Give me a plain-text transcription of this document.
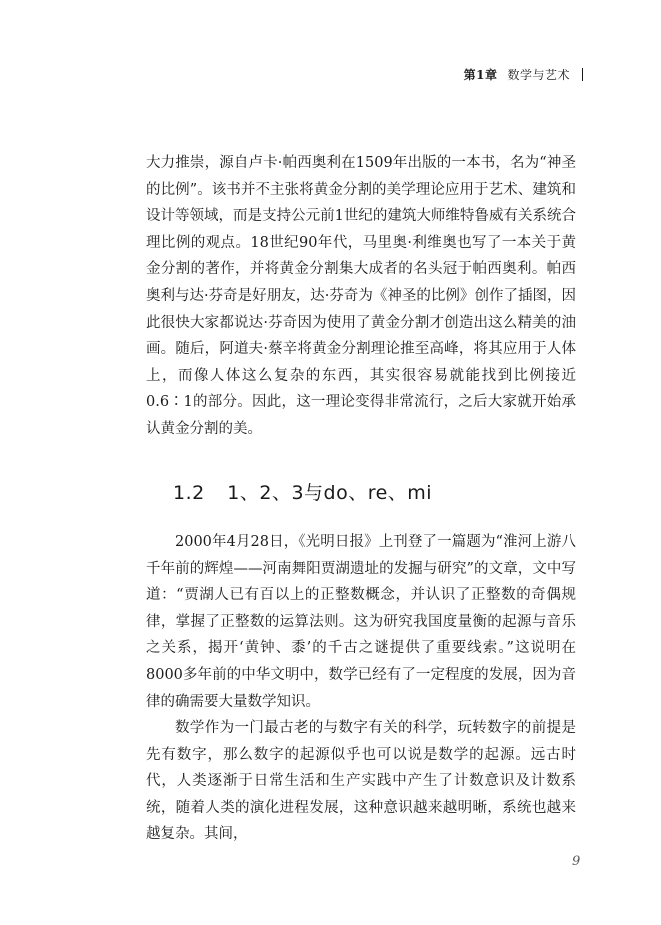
第1章 数学与艺术

大力推崇，源自卢卡·帕西奥利在1509年出版的一本书，名为“神圣的比例”。该书并不主张将黄金分割的美学理论应用于艺术、建筑和设计等领域，而是支持公元前1世纪的建筑大师维特鲁威有关系统合理比例的观点。18世纪90年代，马里奥·利维奥也写了一本关于黄金分割的著作，并将黄金分割集大成者的名头冠于帕西奥利。帕西奥利与达·芬奇是好朋友，达·芬奇为《神圣的比例》创作了插图，因此很快大家都说达·芬奇因为使用了黄金分割才创造出这么精美的油画。随后，阿道夫·蔡辛将黄金分割理论推至高峰，将其应用于人体上，而像人体这么复杂的东西，其实很容易就能找到比例接近0.6∶1的部分。因此，这一理论变得非常流行，之后大家就开始承认黄金分割的美。

1.2 1、2、3与do、re、mi

2000年4月28日，《光明日报》上刊登了一篇题为“淮河上游八千年前的辉煌——河南舞阳贾湖遗址的发掘与研究”的文章，文中写道：“贾湖人已有百以上的正整数概念，并认识了正整数的奇偶规律，掌握了正整数的运算法则。这为研究我国度量衡的起源与音乐之关系，揭开‘黄钟、黍’的千古之谜提供了重要线索。”这说明在8000多年前的中华文明中，数学已经有了一定程度的发展，因为音律的确需要大量数学知识。

数学作为一门最古老的与数字有关的科学，玩转数字的前提是先有数字，那么数字的起源似乎也可以说是数学的起源。远古时代，人类逐渐于日常生活和生产实践中产生了计数意识及计数系统，随着人类的演化进程发展，这种意识越来越明晰，系统也越来越复杂。其间，

9
